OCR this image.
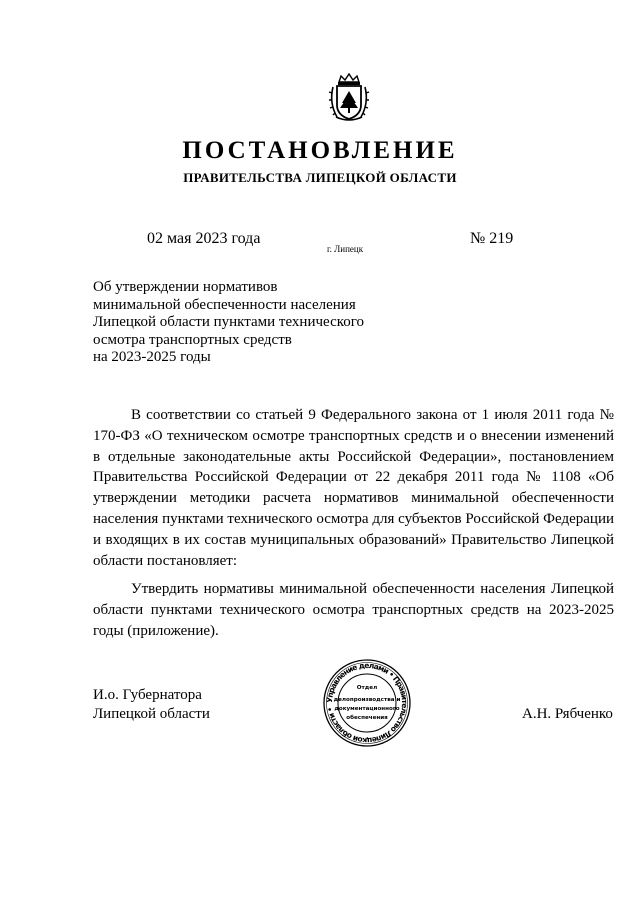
ПОСТАНОВЛЕНИЕ
ПРАВИТЕЛЬСТВА ЛИПЕЦКОЙ ОБЛАСТИ
02 мая 2023 года
г. Липецк
№ 219
Об утверждении нормативов
минимальной обеспеченности населения
Липецкой области пунктами технического
осмотра транспортных средств
на 2023-2025 годы

В соответствии со статьей 9 Федерального закона от 1 июля 2011 года № 170-ФЗ «О техническом осмотре транспортных средств и о внесении изменений в отдельные законодательные акты Российской Федерации», постановлением Правительства Российской Федерации от 22 декабря 2011 года № 1108 «Об утверждении методики расчета нормативов минимальной обеспеченности населения пунктами технического осмотра для субъектов Российской Федерации и входящих в их состав муниципальных образований» Правительство Липецкой области постановляет:

Утвердить нормативы минимальной обеспеченности населения Липецкой области пунктами технического осмотра транспортных средств на 2023-2025 годы (приложение).

И.о. Губернатора
Липецкой области
Управление делами • Правительство Липецкой области •
Отдел
делопроизводства и
документационного
обеспечения	А.Н. Рябченко
